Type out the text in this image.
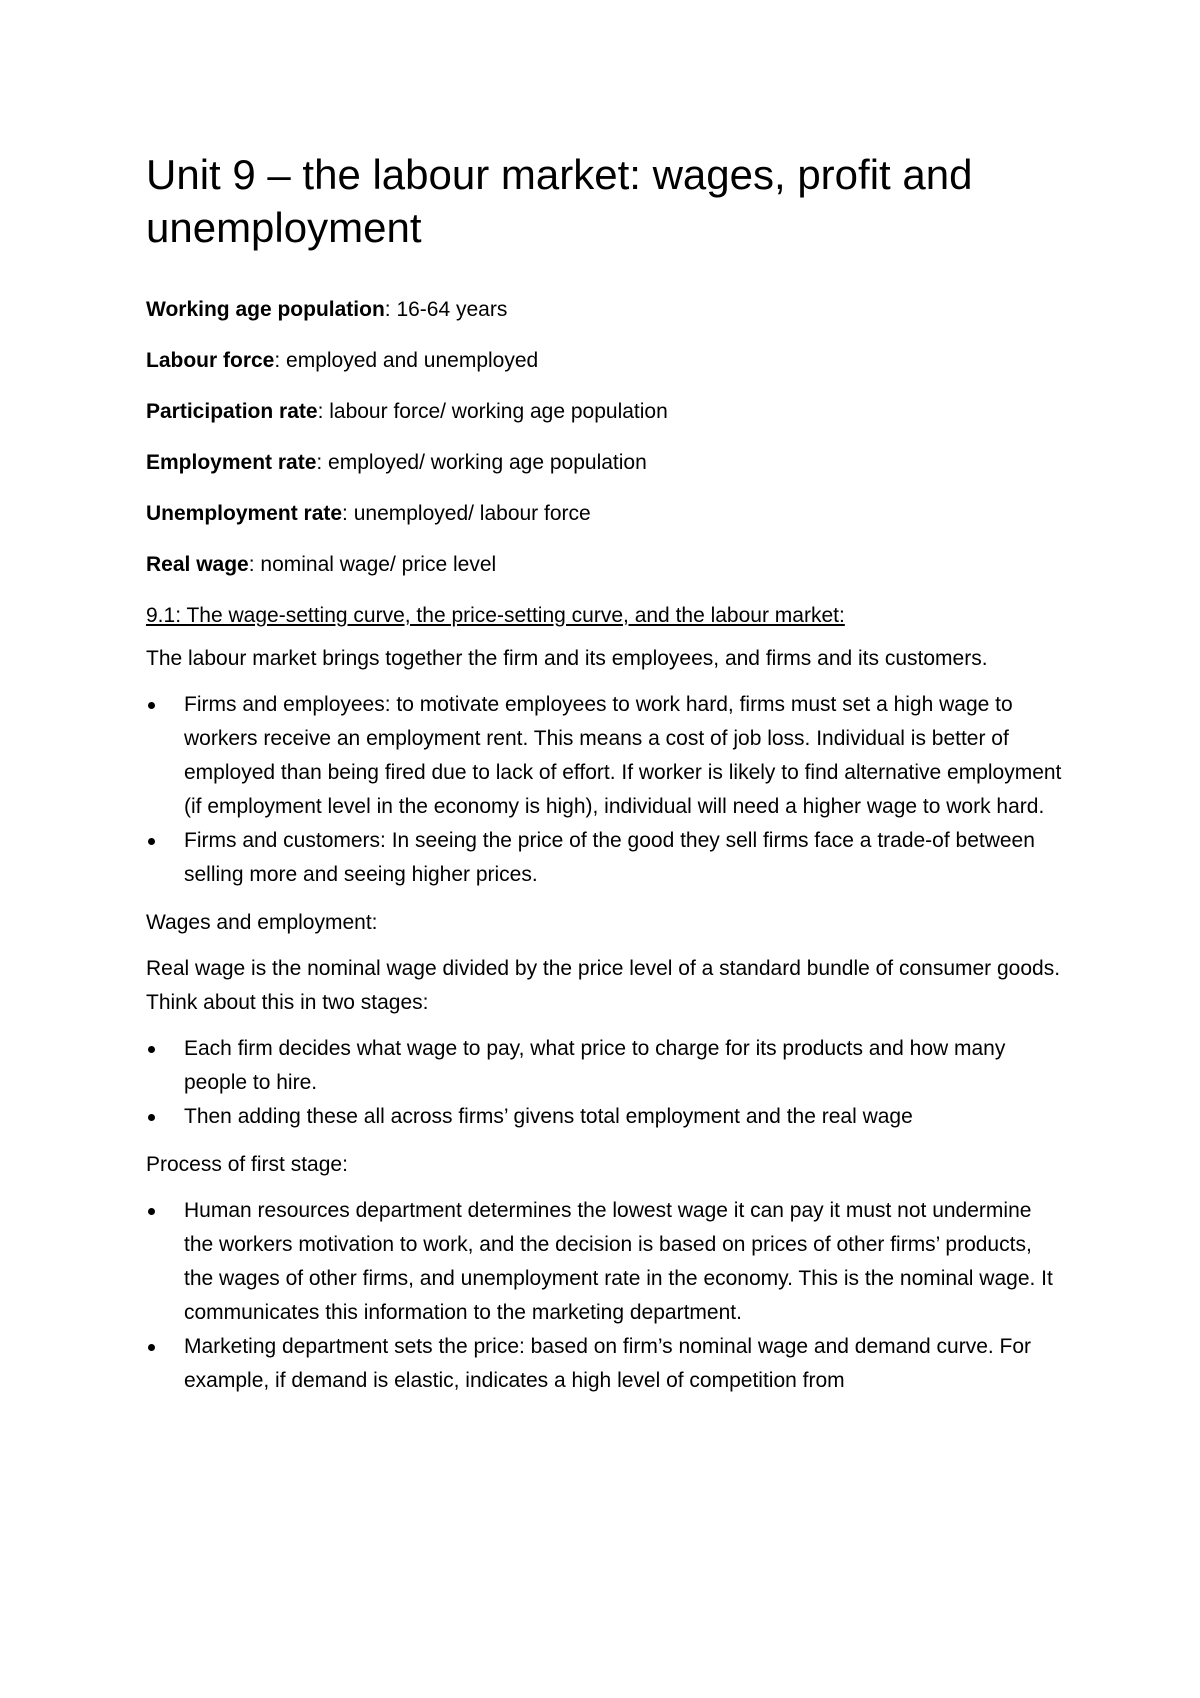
Unit 9 – the labour market: wages, profit and unemployment

Working age population: 16-64 years

Labour force: employed and unemployed

Participation rate: labour force/ working age population

Employment rate: employed/ working age population

Unemployment rate: unemployed/ labour force

Real wage: nominal wage/ price level

9.1: The wage-setting curve, the price-setting curve, and the labour market:

The labour market brings together the firm and its employees, and firms and its customers.

Firms and employees: to motivate employees to work hard, firms must set a high wage to workers receive an employment rent. This means a cost of job loss. Individual is better of employed than being fired due to lack of effort. If worker is likely to find alternative employment (if employment level in the economy is high), individual will need a higher wage to work hard.
Firms and customers: In seeing the price of the good they sell firms face a trade-of between selling more and seeing higher prices.

Wages and employment:

Real wage is the nominal wage divided by the price level of a standard bundle of consumer goods. Think about this in two stages:

Each firm decides what wage to pay, what price to charge for its products and how many people to hire.
Then adding these all across firms’ givens total employment and the real wage

Process of first stage:

Human resources department determines the lowest wage it can pay it must not undermine the workers motivation to work, and the decision is based on prices of other firms’ products, the wages of other firms, and unemployment rate in the economy. This is the nominal wage. It communicates this information to the marketing department.
Marketing department sets the price: based on firm’s nominal wage and demand curve. For example, if demand is elastic, indicates a high level of competition from
